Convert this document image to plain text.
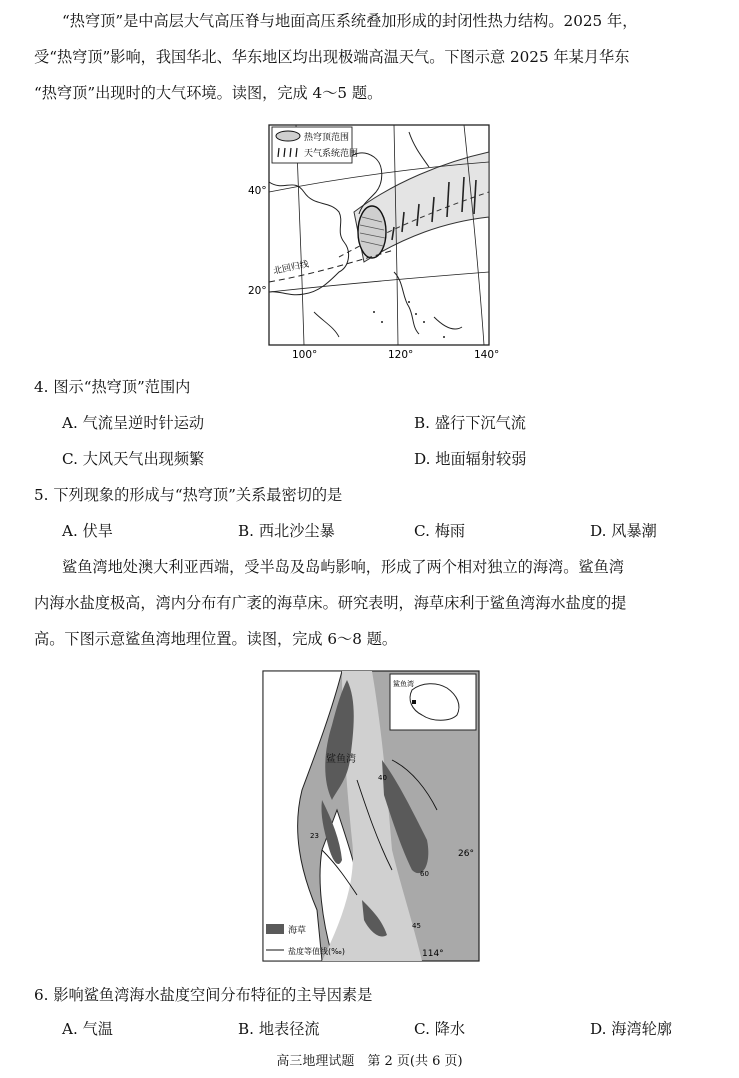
“热穹顶”是中高层大气高压脊与地面高压系统叠加形成的封闭性热力结构。2025 年，
受“热穹顶”影响，我国华北、华东地区均出现极端高温天气。下图示意 2025 年某月华东
“热穹顶”出现时的大气环境。读图，完成 4～5 题。
热穹顶范围
天气系统范围
北回归线
40°
20°
100°	120°	140°
4. 图示“热穹顶”范围内
A. 气流呈逆时针运动	B. 盛行下沉气流
C. 大风天气出现频繁	D. 地面辐射较弱
5. 下列现象的形成与“热穹顶”关系最密切的是
A. 伏旱	B. 西北沙尘暴	C. 梅雨	D. 风暴潮
鲨鱼湾地处澳大利亚西端，受半岛及岛屿影响，形成了两个相对独立的海湾。鲨鱼湾
内海水盐度极高，湾内分布有广袤的海草床。研究表明，海草床利于鲨鱼湾海水盐度的提
高。下图示意鲨鱼湾地理位置。读图，完成 6～8 题。
鲨鱼湾
鲨鱼湾
40
23
60
45
26°
114°
海草
盐度等值线(‰)
6. 影响鲨鱼湾海水盐度空间分布特征的主导因素是
A. 气温	B. 地表径流	C. 降水	D. 海湾轮廓
高三地理试题　第 2 页(共 6 页)
